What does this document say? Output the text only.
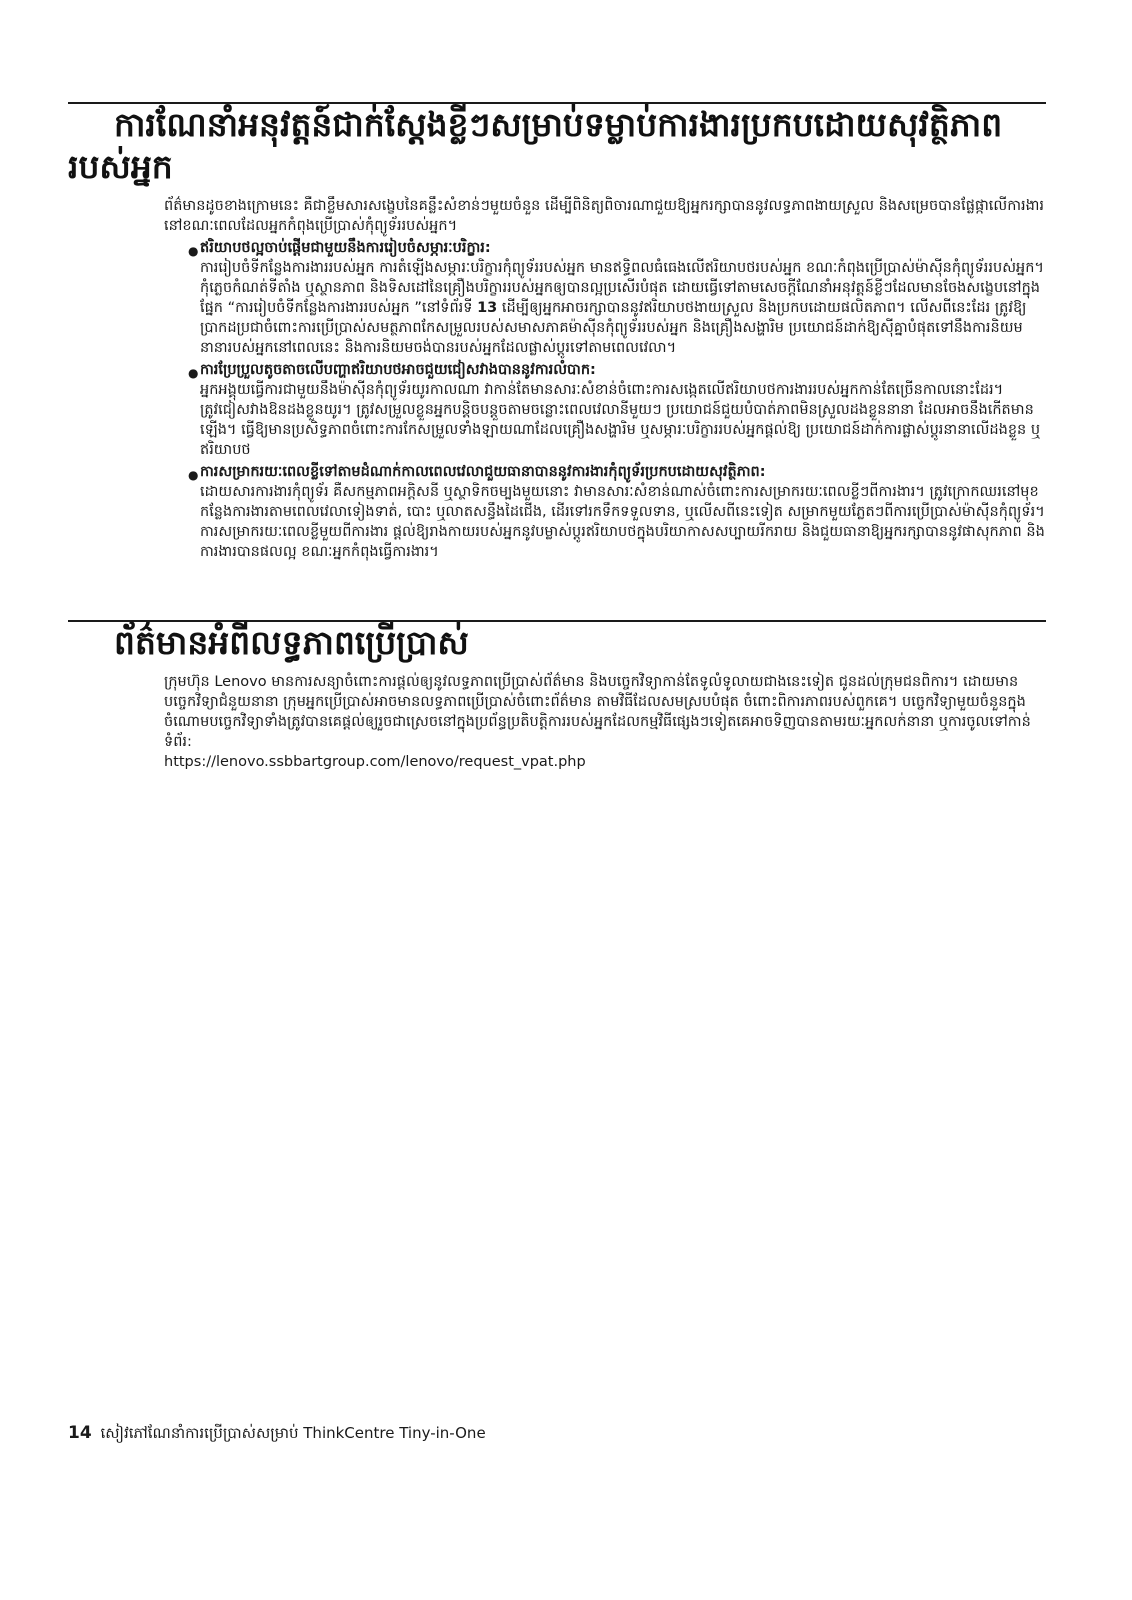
ការណែនាំអនុវត្តន៍ជាក់ស្តែងខ្លីៗសម្រាប់ទម្លាប់ការងារប្រកបដោយសុវត្ថិភាពរបស់អ្នក

ព័ត៌មានដូចខាងក្រោមនេះ គឺជាខ្លឹមសារសង្ខេបនៃគន្លឹះសំខាន់ៗមួយចំនួន ដើម្បីពិនិត្យពិចារណាជួយឱ្យអ្នករក្សាបាននូវលទ្ធភាពងាយស្រួល និងសម្រេចបានផ្លែផ្កាលើការងារ នៅខណៈពេលដែលអ្នកកំពុងប្រើប្រាស់កុំព្យូទ័ររបស់អ្នក។

● ឥរិយាបថល្អចាប់ផ្តើមជាមួយនឹងការរៀបចំសម្ភារៈបរិក្ខារ:

ការរៀបចំទីកន្លែងការងាររបស់អ្នក ការតំឡើងសម្ភារៈបរិក្ខារកុំព្យូទ័ររបស់អ្នក មានឥទ្ធិពលធំធេងលើឥរិយាបថរបស់អ្នក ខណៈកំពុងប្រើប្រាស់ម៉ាស៊ីនកុំព្យូទ័ររបស់អ្នក។ កុំភ្លេចកំណត់ទីតាំង ឬស្ថានភាព និងទិសដៅនៃគ្រឿងបរិក្ខាររបស់អ្នកឲ្យបានល្អប្រសើរបំផុត ដោយធ្វើទៅតាមសេចក្តីណែនាំអនុវត្តន៍ខ្លីៗដែលមានចែងសង្ខេបនៅក្នុងផ្នែក “ការរៀបចំទីកន្លែងការងាររបស់អ្នក ”នៅទំព័រទី 13 ដើម្បីឲ្យអ្នកអាចរក្សាបាននូវឥរិយាបថងាយស្រួល និងប្រកបដោយផលិតភាព។ លើសពីនេះដែរ ត្រូវឱ្យប្រាកដប្រជាចំពោះការប្រើប្រាស់សមត្ថភាពកែសម្រួលរបស់សមាសភាគម៉ាស៊ីនកុំព្យូទ័ររបស់អ្នក និងគ្រឿងសង្ហារិម ប្រយោជន៍ដាក់ឱ្យស៊ីគ្នាបំផុតទៅនឹងការនិយមនានារបស់អ្នកនៅពេលនេះ និងការនិយមចង់បានរបស់អ្នកដែលផ្លាស់ប្តូរទៅតាមពេលវេលា។

● ការប្រែប្រួលតូចតាចលើបញ្ហាឥរិយាបថអាចជួយជៀសវាងបាននូវការលំបាក:

អ្នកអង្គុយធ្វើការជាមួយនឹងម៉ាស៊ីនកុំព្យូទ័រយូរកាលណា វាកាន់តែមានសារៈសំខាន់ចំពោះការសង្កេតលើឥរិយាបថការងាររបស់អ្នកកាន់តែច្រើនកាលនោះដែរ។ ត្រូវជៀសវាងឱនដងខ្លួនយូរ។ ត្រូវសម្រួលខ្លួនអ្នកបន្តិចបន្តួចតាមចន្លោះពេលវេលានីមួយៗ ប្រយោជន៍ជួយបំបាត់ភាពមិនស្រួលដងខ្លួននានា ដែលអាចនឹងកើតមានឡើង។ ធ្វើឱ្យមានប្រសិទ្ធភាពចំពោះការកែសម្រួលទាំងឡាយណាដែលគ្រឿងសង្ហារិម ឬសម្ភារៈបរិក្ខាររបស់អ្នកផ្តល់ឱ្យ ប្រយោជន៍ដាក់ការផ្លាស់ប្តូរនានាលើដងខ្លួន ឬឥរិយាបថ

● ការសម្រាករយៈពេលខ្លីទៅតាមដំណាក់កាលពេលវេលាជួយធានាបាននូវការងារកុំព្យូទ័រប្រកបដោយសុវត្ថិភាព:

ដោយសារការងារកុំព្យូទ័រ គឺសកម្មភាពអក្តិសនី ឬស្ថាទិកចម្បងមួយនោះ វាមានសារៈសំខាន់ណាស់ចំពោះការសម្រាករយៈពេលខ្លីៗពីការងារ។ ត្រូវក្រោកឈរនៅមុខកន្លែងការងារតាមពេលវេលាទៀងទាត់, បោះ ឬលាតសន្ធឹងដៃជើង, ដើរទៅរកទឹកទទួលទាន, ឬលើសពីនេះទៀត សម្រាកមួយភ្លែតៗពីការប្រើប្រាស់ម៉ាស៊ីនកុំព្យូទ័រ។ ការសម្រាករយៈពេលខ្លីមួយពីការងារ ផ្តល់ឱ្យរាងកាយរបស់អ្នកនូវបម្លាស់ប្តូរឥរិយាបថក្នុងបរិយាកាសសប្បាយរីករាយ និងជួយធានាឱ្យអ្នករក្សាបាននូវផាសុកភាព និងការងារបានផលល្អ ខណៈអ្នកកំពុងធ្វើការងារ។

ព័ត៌មានអំពីលទ្ធភាពប្រើប្រាស់

ក្រុមហ៊ុន Lenovo មានការសន្យាចំពោះការផ្តល់ឲ្យនូវលទ្ធភាពប្រើប្រាស់ព័ត៌មាន និងបច្ចេកវិទ្យាកាន់តែទូលំទូលាយជាងនេះទៀត ជូនដល់ក្រុមជនពិការ។ ដោយមានបច្ចេកវិទ្យាជំនួយនានា ក្រុមអ្នកប្រើប្រាស់អាចមានលទ្ធភាពប្រើប្រាស់ចំពោះព័ត៌មាន តាមវិធីដែលសមស្របបំផុត ចំពោះពិការភាពរបស់ពួកគេ។ បច្ចេកវិទ្យាមួយចំនួនក្នុងចំណោមបច្ចេកវិទ្យាទាំងត្រូវបានគេផ្តល់ឲ្យរួចជាស្រេចនៅក្នុងប្រព័ន្ធប្រតិបត្តិការរបស់អ្នកដែលកម្មវិធីផ្សេងៗទៀតគេអាចទិញបានតាមរយៈអ្នកលក់នានា ឬការចូលទៅកាន់ទំព័រ:

https://lenovo.ssbbartgroup.com/lenovo/request_vpat.php
14 សៀវភៅណែនាំការប្រើប្រាស់សម្រាប់ ThinkCentre Tiny-in-One
